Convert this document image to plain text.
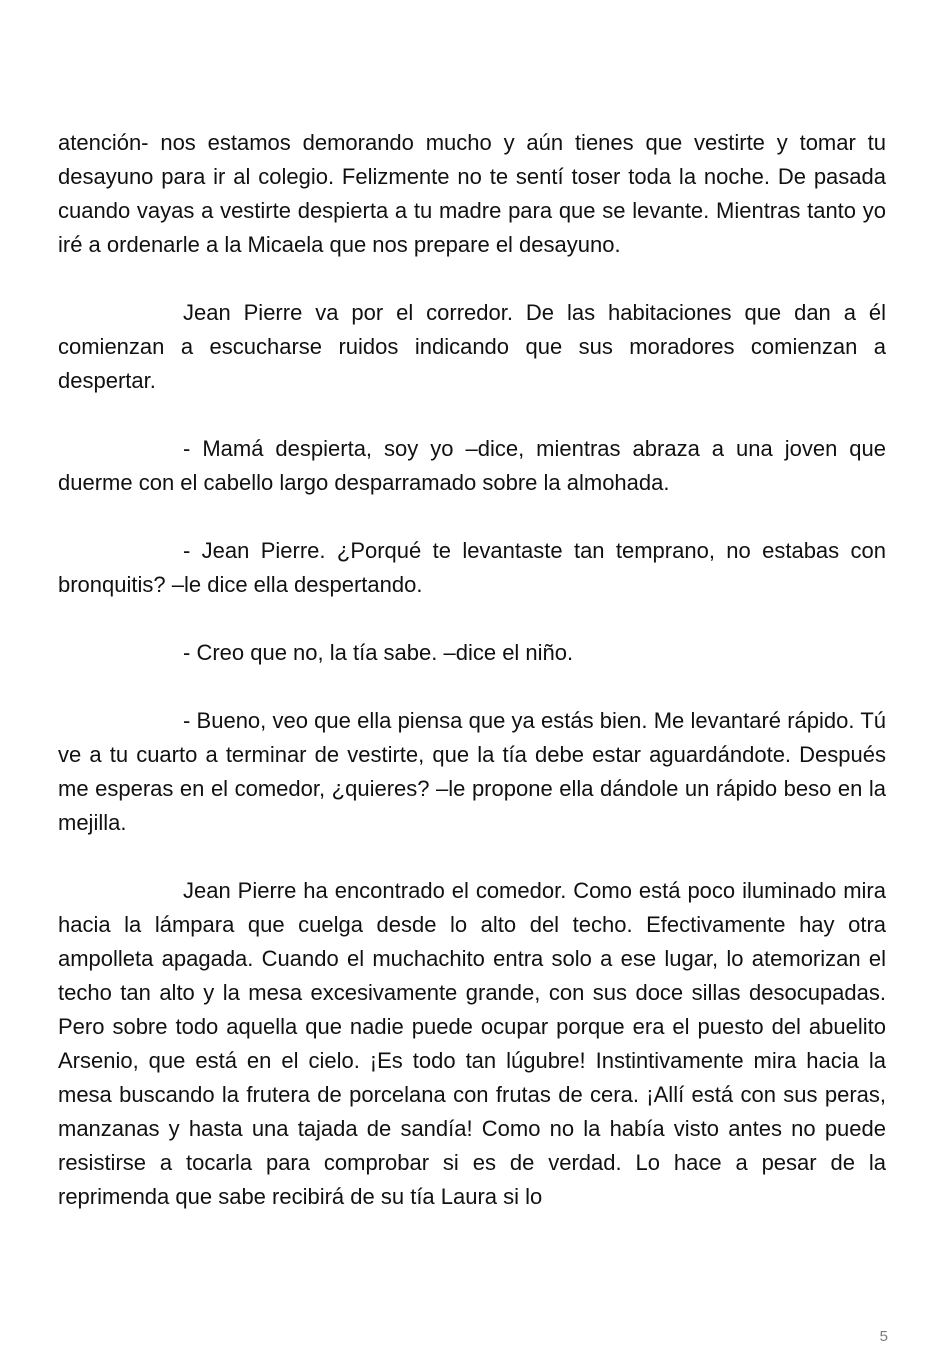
atención- nos estamos demorando mucho y aún tienes que vestirte y tomar tu desayuno para ir al colegio. Felizmente no te sentí toser toda la noche. De pasada cuando vayas a vestirte despierta a tu madre para que se levante. Mientras tanto yo iré a ordenarle a la Micaela que nos prepare el desayuno.

Jean Pierre va por el corredor. De las habitaciones que dan a él comienzan a escucharse ruidos indicando que sus moradores comienzan a despertar.

- Mamá despierta, soy yo –dice, mientras abraza a una joven que duerme con el cabello largo desparramado sobre la almohada.

- Jean Pierre. ¿Porqué te levantaste tan temprano, no estabas con bronquitis? –le dice ella despertando.

- Creo que no, la tía sabe. –dice el niño.

- Bueno, veo que ella piensa que ya estás bien. Me levantaré rápido. Tú ve a tu cuarto a terminar de vestirte, que la tía debe estar aguardándote. Después me esperas en el comedor, ¿quieres? –le propone ella dándole un rápido beso en la mejilla.

Jean Pierre ha encontrado el comedor. Como está poco iluminado mira hacia la lámpara que cuelga desde lo alto del techo. Efectivamente hay otra ampolleta apagada. Cuando el muchachito entra solo a ese lugar, lo atemorizan el techo tan alto y la mesa excesivamente grande, con sus doce sillas desocupadas. Pero sobre todo aquella que nadie puede ocupar porque era el puesto del abuelito Arsenio, que está en el cielo. ¡Es todo tan lúgubre! Instintivamente mira hacia la mesa buscando la frutera de porcelana con frutas de cera. ¡Allí está con sus peras, manzanas y hasta una tajada de sandía! Como no la había visto antes no puede resistirse a tocarla para comprobar si es de verdad. Lo hace a pesar de la reprimenda que sabe recibirá de su tía Laura si lo

5
